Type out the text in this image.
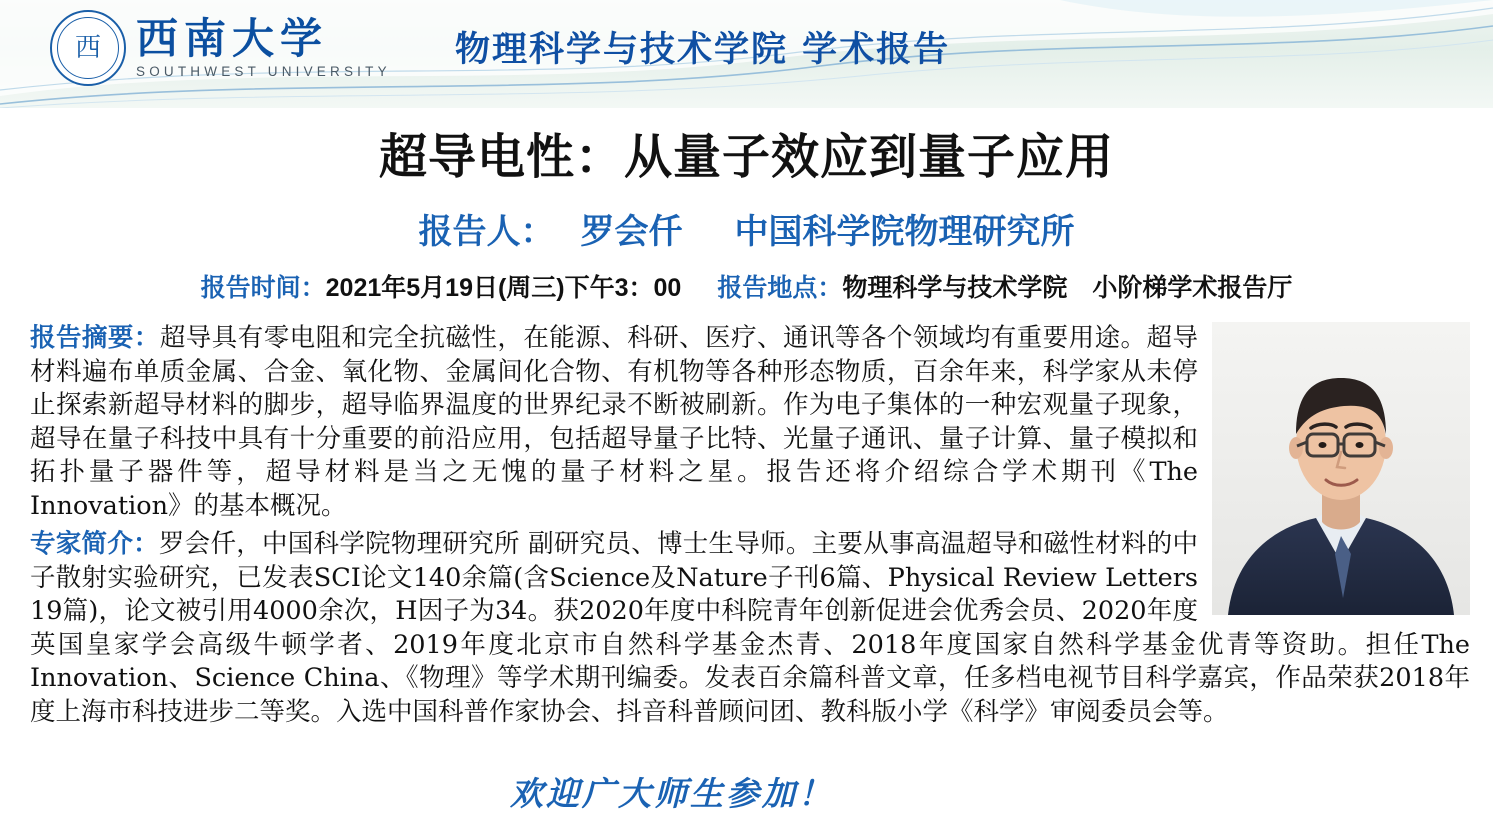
西 西南大学
SOUTHWEST UNIVERSITY
物理科学与技术学院 学术报告
超导电性：从量子效应到量子应用
报告人： 罗会仟 中国科学院物理研究所
报告时间：2021年5月19日(周三)下午3：00 报告地点：物理科学与技术学院　小阶梯学术报告厅
报告摘要：超导具有零电阻和完全抗磁性，在能源、科研、医疗、通讯等各个领域均有重要用途。超导材料遍布单质金属、合金、氧化物、金属间化合物、有机物等各种形态物质，百余年来，科学家从未停止探索新超导材料的脚步，超导临界温度的世界纪录不断被刷新。作为电子集体的一种宏观量子现象，超导在量子科技中具有十分重要的前沿应用，包括超导量子比特、光量子通讯、量子计算、量子模拟和拓扑量子器件等，超导材料是当之无愧的量子材料之星。报告还将介绍综合学术期刊《The Innovation》的基本概况。
专家简介：罗会仟，中国科学院物理研究所 副研究员、博士生导师。主要从事高温超导和磁性材料的中子散射实验研究，已发表SCI论文140余篇(含Science及Nature子刊6篇、Physical Review Letters 19篇)，论文被引用4000余次，H因子为34。获2020年度中科院青年创新促进会优秀会员、2020年度英国皇家学会高级牛顿学者、2019年度北京市自然科学基金杰青、2018年度国家自然科学基金优青等资助。担任The Innovation、Science China、《物理》等学术期刊编委。发表百余篇科普文章，任多档电视节目科学嘉宾，作品荣获2018年度上海市科技进步二等奖。入选中国科普作家协会、抖音科普顾问团、教科版小学《科学》审阅委员会等。
欢迎广大师生参加！
